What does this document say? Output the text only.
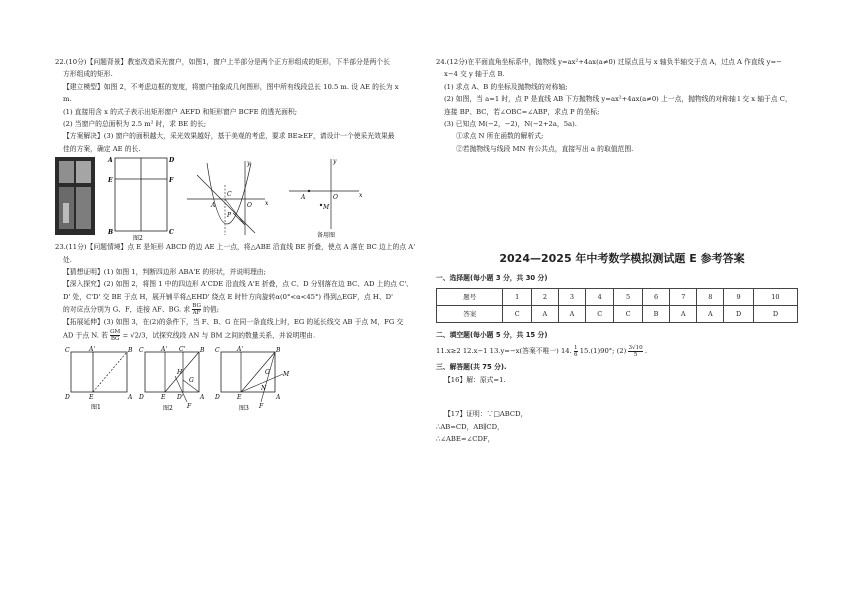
22.(10分)【问题背景】教室改造采光窗户，如图1，窗户上半部分是两个正方形组成的矩形，下半部分是两个长

方形组成的矩形.

【建立模型】如图 2，不考虑边框的宽度，将窗户抽象成几何图形，图中所有线段总长 10.5 m. 设 AE 的长为 x

m.

(1) 直接用含 x 的式子表示出矩形窗户 AEFD 和矩形窗户 BCFE 的透光面积;

(2) 当窗户的总面积为 2.5 m² 时，求 BE 的长;

【方案解决】(3) 窗户的面积越大，采光效果越好，基于美观的考虑，要求 BE≥EF，请设计一个使采光效果最

佳的方案，确定 AE 的长.

A	D
E	F
B	C
图2
y
x
A
C
O
P
x
y
A	O
M
备用图

23.(11分)【问题情境】点 E 是矩形 ABCD 的边 AE 上一点，将△ABE 沿直线 BE 折叠，使点 A 落在 BC 边上的点 A'

处.

【猜想证明】(1) 如图 1，判断四边形 ABA'E 的形状，并说明理由;

【深入探究】(2) 如图 2，将图 1 中的四边形 A'CDE 沿直线 A'E 折叠，点 C、D 分别落在边 BC、AD 上的点 C'、

D' 处，C'D' 交 BE 于点 H，展开铺平将△EHD' 绕点 E 时针方向旋转α(0°<α<45°) 得到△EGF，点 H、D'

的对应点分别为 G、F，连接 AF、BG. 求 $\frac{BG}{AF}$ 的值;

【拓展延伸】(3) 如图 3，在(2)的条件下，当 F、B、G 在同一条直线上时，EG 的延长线交 AB 于点 M，FG 交

AD 于点 N. 若 $\frac{GM}{BG} = √2/3$，试探究线段 AN 与 BM 之间的数量关系，并说明理由.

C	A'	B
D	E	A
图1
C	A' C' B
H
D	E D'
G
A
F
图2
C	A'	B
G M
N
D	E	A
F
图3

24.(12分)在平面直角坐标系中，抛物线 y=ax²+4ax(a≠0) 过原点且与 x 轴负半轴交于点 A，过点 A 作直线 y=−

x−4 交 y 轴于点 B.

(1) 求点 A、B 的坐标及抛物线的对称轴;

(2) 如图，当 a=1 时，点 P 是直线 AB 下方抛物线 y=ax²+4ax(a≠0) 上一点，抛物线的对称轴 l 交 x 轴于点 C，

连接 BP、BC，若∠OBC=∠ABP，求点 P 的坐标;

(3) 已知点 M(−2，−2)，N(−2+2a，5a).

①求点 N 所在函数的解析式;

②若抛物线与线段 MN 有公共点，直接写出 a 的取值范围.

2024—2025 年中考数学模拟测试题 E 参考答案

一、选择题(每小题 3 分，共 30 分)

题号	1	2	3	4	5	6	7	8	9	10
答案	C	A	A	C	C	B	A	A	D	D

二、填空题(每小题 5 分，共 15 分)

11.x≥2 12.x−1 13.y=−x(答案不唯一) 14. $\frac{1}{6} 15.(1)90^\circ$; $(2) \frac{3√10}{5}$ .

三、解答题(共 75 分).

【16】解：原式=1.

【17】证明：∵□ABCD，

∴AB=CD，AB∥CD，

∴∠ABE=∠CDF，
